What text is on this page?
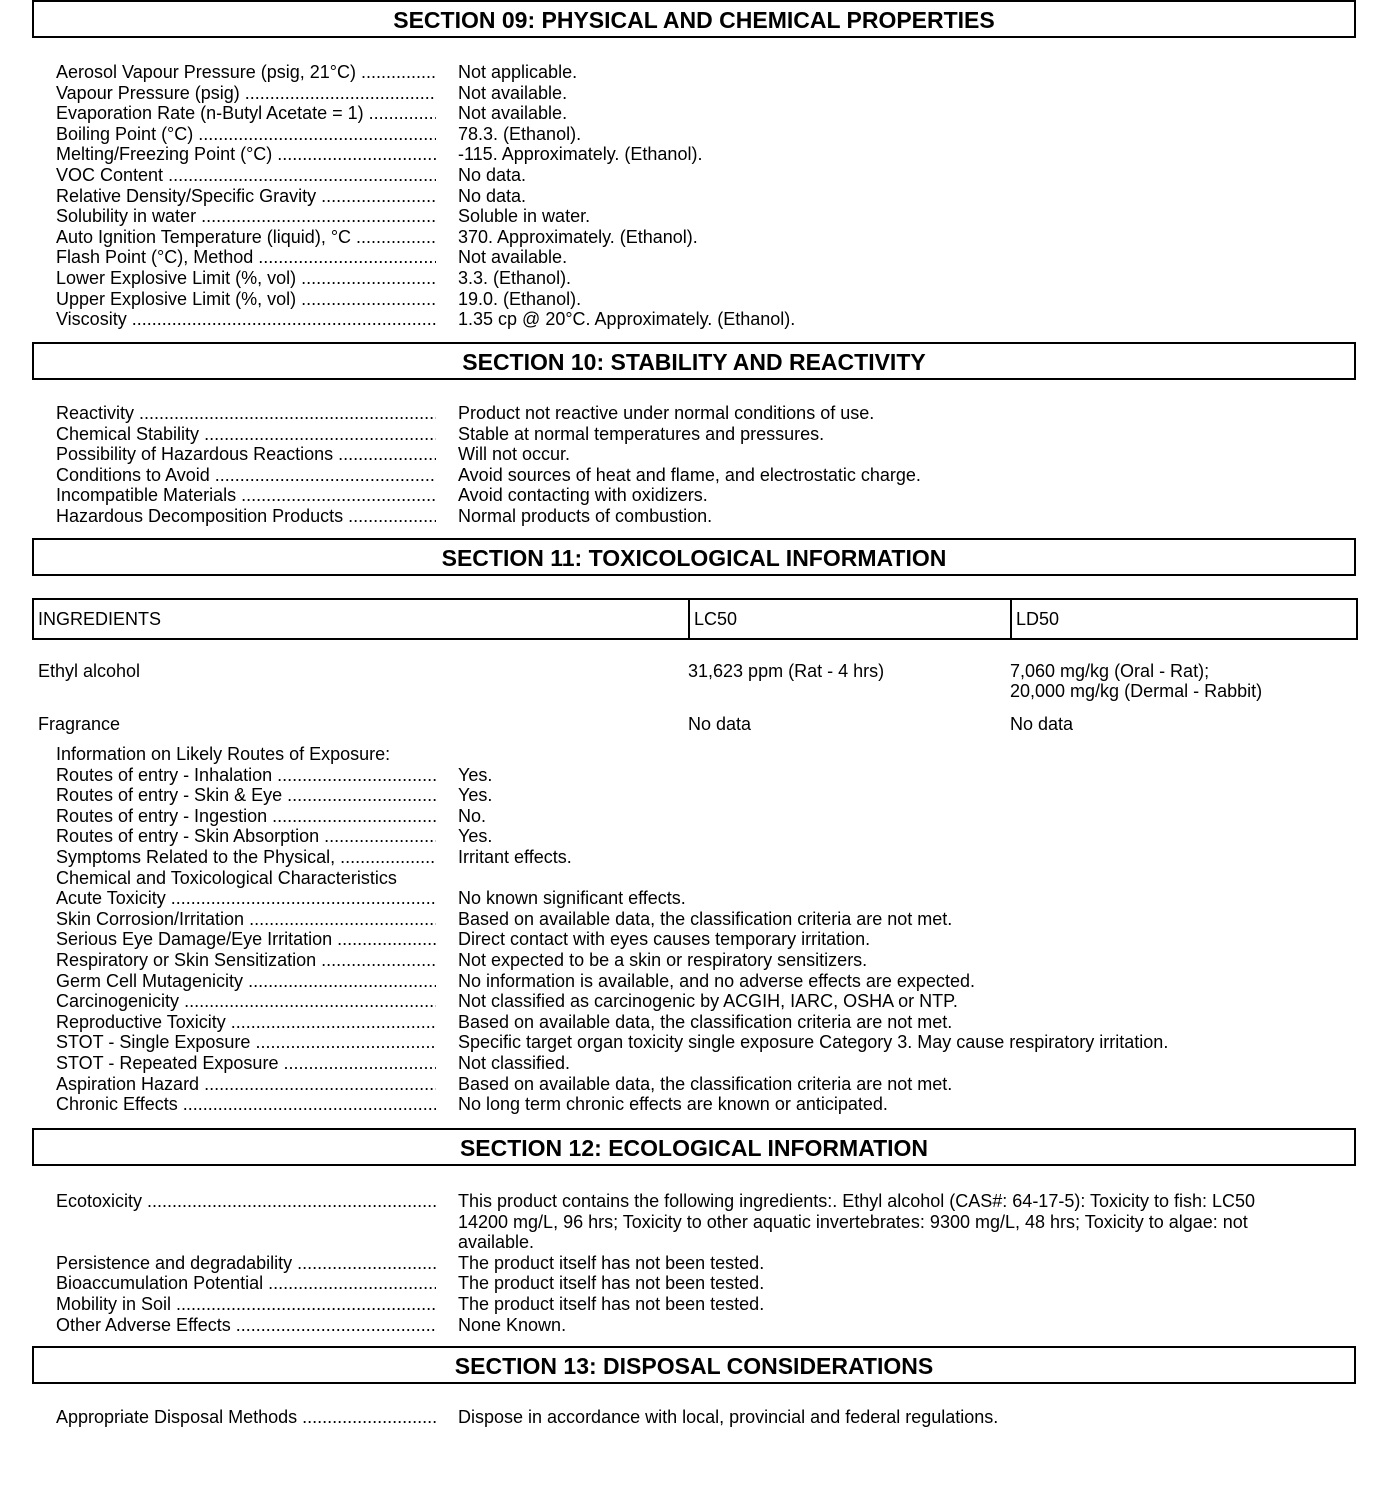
SECTION 09: PHYSICAL AND CHEMICAL PROPERTIES
Aerosol Vapour Pressure (psig, 21°C) .....	Not applicable.
Vapour Pressure (psig) .....	Not available.
Evaporation Rate (n-Butyl Acetate = 1) .....	Not available.
Boiling Point (°C) .....	78.3. (Ethanol).
Melting/Freezing Point (°C) .....	-115. Approximately. (Ethanol).
VOC Content .....	No data.
Relative Density/Specific Gravity .....	No data.
Solubility in water .....	Soluble in water.
Auto Ignition Temperature (liquid), °C .....	370. Approximately. (Ethanol).
Flash Point (°C), Method .....	Not available.
Lower Explosive Limit (%, vol) .....	3.3. (Ethanol).
Upper Explosive Limit (%, vol) .....	19.0. (Ethanol).
Viscosity .....	1.35 cp @ 20°C. Approximately. (Ethanol).
SECTION 10: STABILITY AND REACTIVITY
Reactivity .....	Product not reactive under normal conditions of use.
Chemical Stability .....	Stable at normal temperatures and pressures.
Possibility of Hazardous Reactions .....	Will not occur.
Conditions to Avoid .....	Avoid sources of heat and flame, and electrostatic charge.
Incompatible Materials .....	Avoid contacting with oxidizers.
Hazardous Decomposition Products .....	Normal products of combustion.
SECTION 11: TOXICOLOGICAL INFORMATION
INGREDIENTS	LC50	LD50
Ethyl alcohol	31,623 ppm (Rat - 4 hrs)	7,060 mg/kg (Oral - Rat);
20,000 mg/kg (Dermal - Rabbit)
Fragrance	No data	No data
Information on Likely Routes of Exposure:
Routes of entry - Inhalation .....	Yes.
Routes of entry - Skin & Eye .....	Yes.
Routes of entry - Ingestion .....	No.
Routes of entry - Skin Absorption .....	Yes.
Symptoms Related to the Physical, .....	Irritant effects.
Chemical and Toxicological Characteristics
Acute Toxicity .....	No known significant effects.
Skin Corrosion/Irritation .....	Based on available data, the classification criteria are not met.
Serious Eye Damage/Eye Irritation .....	Direct contact with eyes causes temporary irritation.
Respiratory or Skin Sensitization .....	Not expected to be a skin or respiratory sensitizers.
Germ Cell Mutagenicity .....	No information is available, and no adverse effects are expected.
Carcinogenicity .....	Not classified as carcinogenic by ACGIH, IARC, OSHA or NTP.
Reproductive Toxicity .....	Based on available data, the classification criteria are not met.
STOT - Single Exposure .....	Specific target organ toxicity single exposure Category 3. May cause respiratory irritation.
STOT - Repeated Exposure .....	Not classified.
Aspiration Hazard .....	Based on available data, the classification criteria are not met.
Chronic Effects .....	No long term chronic effects are known or anticipated.
SECTION 12: ECOLOGICAL INFORMATION
Ecotoxicity .....	This product contains the following ingredients:. Ethyl alcohol (CAS#: 64-17-5): Toxicity to fish: LC50 14200 mg/L, 96 hrs; Toxicity to other aquatic invertebrates: 9300 mg/L, 48 hrs; Toxicity to algae: not available.
Persistence and degradability .....	The product itself has not been tested.
Bioaccumulation Potential .....	The product itself has not been tested.
Mobility in Soil .....	The product itself has not been tested.
Other Adverse Effects .....	None Known.
SECTION 13: DISPOSAL CONSIDERATIONS
Appropriate Disposal Methods .....	Dispose in accordance with local, provincial and federal regulations.
